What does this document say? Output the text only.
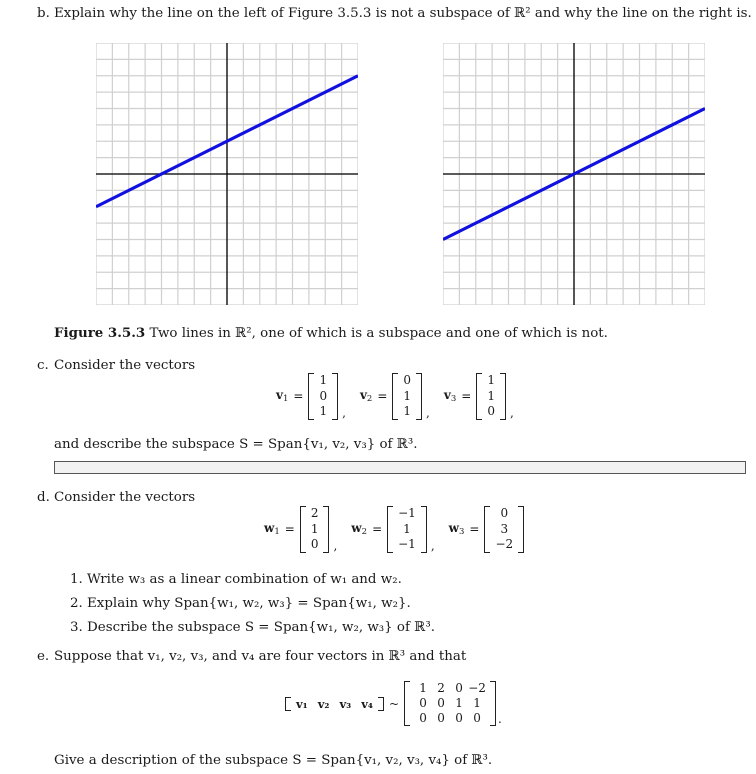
b. Explain why the line on the left of Figure 3.5.3 is not a subspace of ℝ² and why the line on the right is.
Figure 3.5.3 Two lines in ℝ², one of which is a subspace and one of which is not.
c. Consider the vectors
$v_1$ =
1
0
1 ,
$v_2$ =
0
1
1 ,
$v_3$ =
1
1
0 ,
and describe the subspace S = Span{v₁, v₂, v₃} of ℝ³.
d. Consider the vectors
$w_1$ =
2
1
0 ,
$w_2$ =
−1
1
−1 ,
$w_3$ =
0
3
−2
1. Write w₃ as a linear combination of w₁ and w₂.
2. Explain why Span{w₁, w₂, w₃} = Span{w₁, w₂}.
3. Describe the subspace S = Span{w₁, w₂, w₃} of ℝ³.
e. Suppose that v₁, v₂, v₃, and v₄ are four vectors in ℝ³ and that
v₁ v₂ v₃ v₄	~
1 2 0 −2
0 0 1 1
0 0 0 0	.
Give a description of the subspace S = Span{v₁, v₂, v₃, v₄} of ℝ³.
